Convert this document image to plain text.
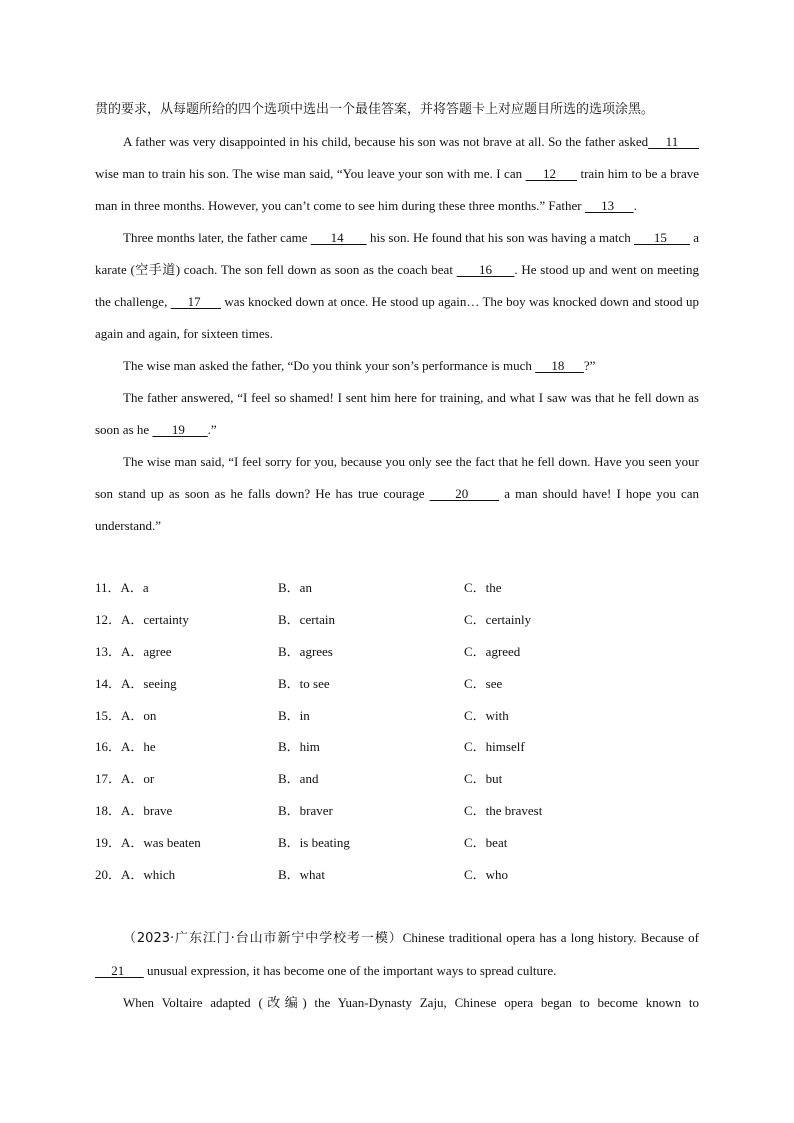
贯的要求，从每题所给的四个选项中选出一个最佳答案，并将答题卡上对应题目所选的选项涂黑。

A father was very disappointed in his child, because his son was not brave at all. So the father asked     11       wise man to train his son. The wise man said, “You leave your son with me. I can      12       train him to be a brave man in three months. However, you can’t come to see him during these three months.” Father      13      .

Three months later, the father came       14        his son. He found that his son was having a match       15        a karate (空手道) coach. The son fell down as soon as the coach beat       16      . He stood up and went on meeting the challenge,      17       was knocked down at once. He stood up again… The boy was knocked down and stood up again and again, for sixteen times.

The wise man asked the father, “Do you think your son’s performance is much      18      ?”

The father answered, “I feel so shamed! I sent him here for training, and what I saw was that he fell down as soon as he       19       .”

The wise man said, “I feel sorry for you, because you only see the fact that he fell down. Have you seen your son stand up as soon as he falls down? He has true courage      20       a man should have! I hope you can understand.”

11．A．a	B．an	C．the
12．A．certainty	B．certain	C．certainly
13．A．agree	B．agrees	C．agreed
14．A．seeing	B．to see	C．see
15．A．on	B．in	C．with
16．A．he	B．him	C．himself
17．A．or	B．and	C．but
18．A．brave	B．braver	C．the bravest
19．A．was beaten	B．is beating	C．beat
20．A．which	B．what	C．who

（2023·广东江门·台山市新宁中学校考一模）Chinese traditional opera has a long history. Because of      21       unusual expression, it has become one of the important ways to spread culture.

When Voltaire adapted (改编) the Yuan-Dynasty Zaju, Chinese opera began to become known to
